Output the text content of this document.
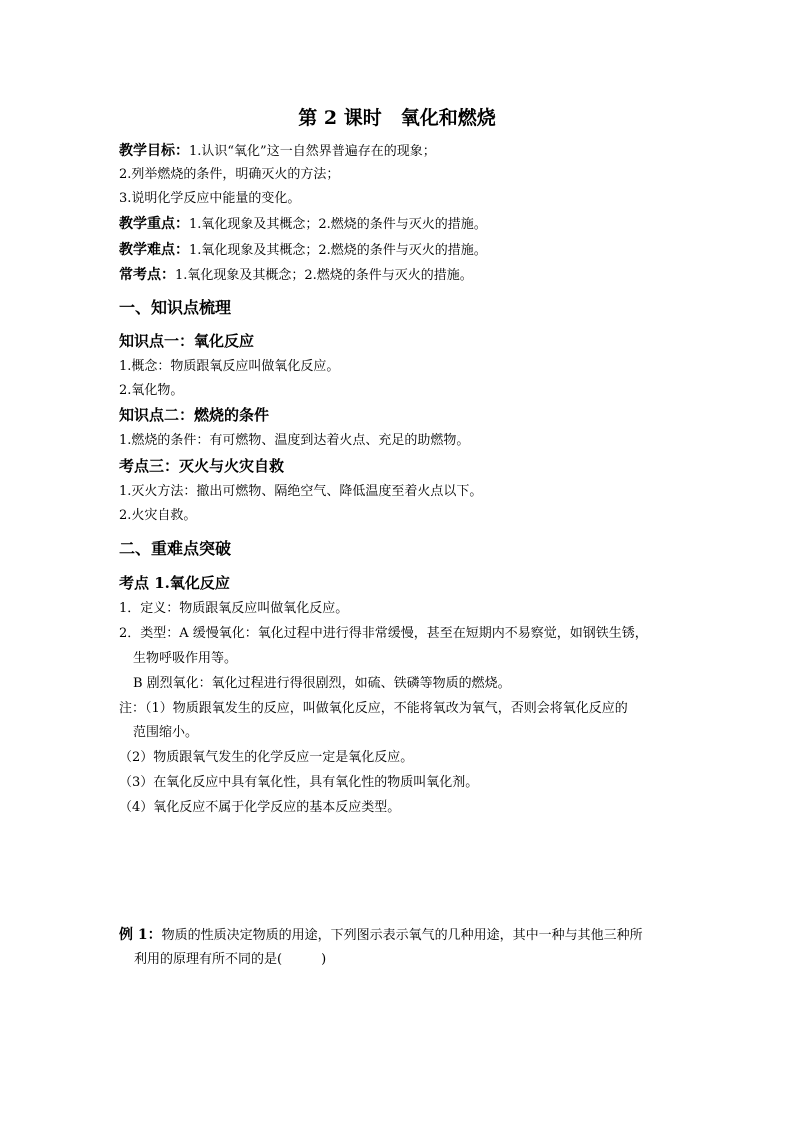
第 2 课时　氧化和燃烧
教学目标：1.认识“氧化”这一自然界普遍存在的现象；
2.列举燃烧的条件，明确灭火的方法；
3.说明化学反应中能量的变化。
教学重点：1.氧化现象及其概念；2.燃烧的条件与灭火的措施。
教学难点：1.氧化现象及其概念；2.燃烧的条件与灭火的措施。
常考点：1.氧化现象及其概念；2.燃烧的条件与灭火的措施。
一、知识点梳理
知识点一：氧化反应
1.概念：物质跟氧反应叫做氧化反应。
2.氧化物。
知识点二：燃烧的条件
1.燃烧的条件：有可燃物、温度到达着火点、充足的助燃物。
考点三：灭火与火灾自救
1.灭火方法：撤出可燃物、隔绝空气、降低温度至着火点以下。
2.火灾自救。
二、重难点突破
考点 1.氧化反应
1．定义：物质跟氧反应叫做氧化反应。
2．类型：A 缓慢氧化：氧化过程中进行得非常缓慢，甚至在短期内不易察觉，如钢铁生锈，
生物呼吸作用等。
B 剧烈氧化：氧化过程进行得很剧烈，如硫、铁磷等物质的燃烧。
注：（1）物质跟氧发生的反应，叫做氧化反应，不能将氧改为氧气，否则会将氧化反应的
范围缩小。
（2）物质跟氧气发生的化学反应一定是氧化反应。
（3）在氧化反应中具有氧化性，具有氧化性的物质叫氧化剂。
（4）氧化反应不属于化学反应的基本反应类型。
例 1：物质的性质决定物质的用途，下列图示表示氧气的几种用途，其中一种与其他三种所
利用的原理有所不同的是(　　　)
